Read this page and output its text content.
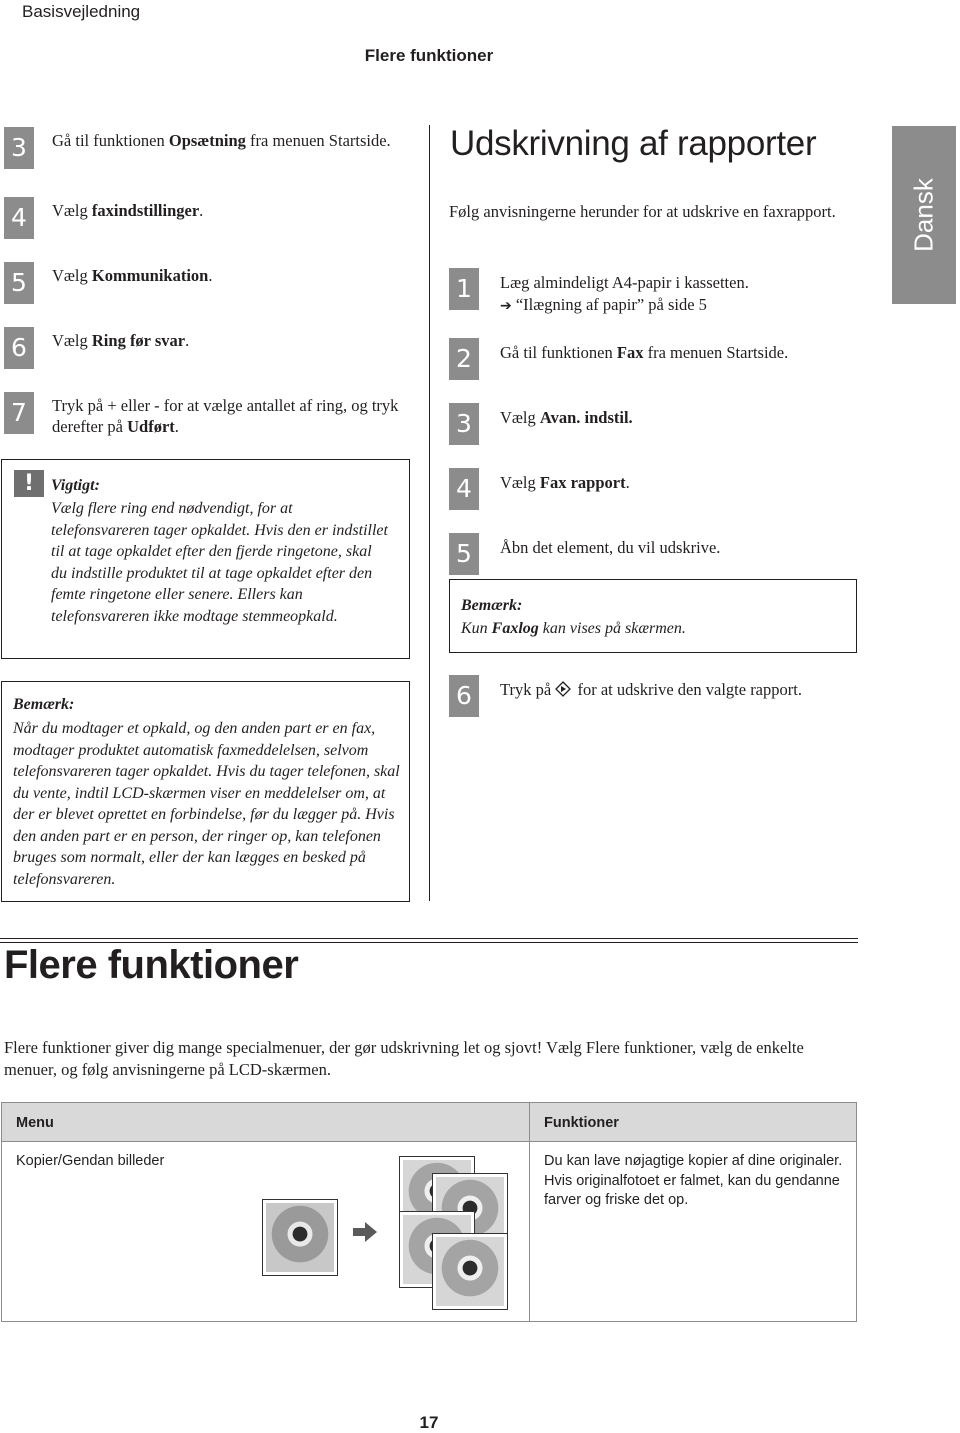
Basisvejledning
Flere funktioner
Dansk
3	Gå til funktionen Opsætning fra menuen Startside.
4	Vælg faxindstillinger.
5	Vælg Kommunikation.
6	Vælg Ring før svar.
7	Tryk på + eller - for at vælge antallet af ring, og tryk derefter på Udført.
Vigtigt:
Vælg flere ring end nødvendigt, for at telefonsvareren tager opkaldet. Hvis den er indstillet til at tage opkaldet efter den fjerde ringetone, skal du indstille produktet til at tage opkaldet efter den femte ringetone eller senere. Ellers kan telefonsvareren ikke modtage stemmeopkald.
!
Bemærk:
Når du modtager et opkald, og den anden part er en fax, modtager produktet automatisk faxmeddelelsen, selvom telefonsvareren tager opkaldet. Hvis du tager telefonen, skal du vente, indtil LCD-skærmen viser en meddelelser om, at der er blevet oprettet en forbindelse, før du lægger på. Hvis den anden part er en person, der ringer op, kan telefonen bruges som normalt, eller der kan lægges en besked på telefonsvareren.
Udskrivning af rapporter
Følg anvisningerne herunder for at udskrive en faxrapport.
1	Læg almindeligt A4-papir i kassetten.
➔ “Ilægning af papir” på side 5
2	Gå til funktionen Fax fra menuen Startside.
3	Vælg Avan. indstil.
4	Vælg Fax rapport.
5	Åbn det element, du vil udskrive.
Bemærk:
Kun Faxlog kan vises på skærmen.
6	Tryk på  for at udskrive den valgte rapport.
Flere funktioner
Flere funktioner giver dig mange specialmenuer, der gør udskrivning let og sjovt! Vælg Flere funktioner, vælg de enkelte menuer, og følg anvisningerne på LCD-skærmen.
Menu	Funktioner
Kopier/Gendan billeder	Du kan lave nøjagtige kopier af dine originaler. Hvis originalfotoet er falmet, kan du gendanne farver og friske det op.
17
